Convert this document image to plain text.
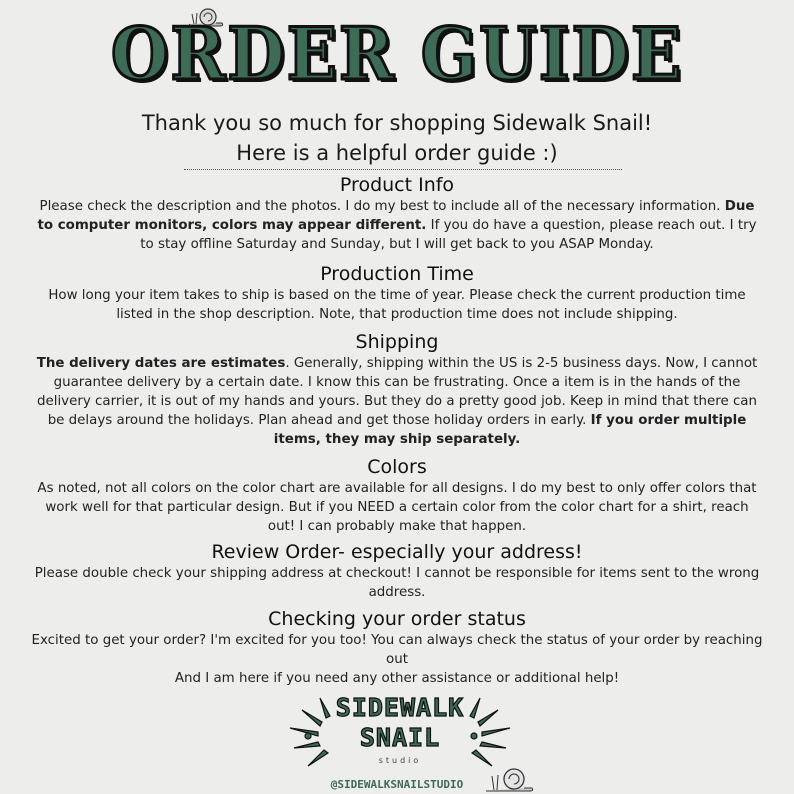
ORDER GUIDE
Thank you so much for shopping Sidewalk Snail!
Here is a helpful order guide :)
Product Info

Please check the description and the photos. I do my best to include all of the necessary information. Due to computer monitors, colors may appear different. If you do have a question, please reach out. I try to stay offline Saturday and Sunday, but I will get back to you ASAP Monday.

Production Time

How long your item takes to ship is based on the time of year. Please check the current production time listed in the shop description. Note, that production time does not include shipping.

Shipping

The delivery dates are estimates. Generally, shipping within the US is 2-5 business days. Now, I cannot guarantee delivery by a certain date. I know this can be frustrating. Once a item is in the hands of the delivery carrier, it is out of my hands and yours. But they do a pretty good job. Keep in mind that there can be delays around the holidays. Plan ahead and get those holiday orders in early. If you order multiple items, they may ship separately.

Colors

As noted, not all colors on the color chart are available for all designs. I do my best to only offer colors that work well for that particular design. But if you NEED a certain color from the color chart for a shirt, reach out! I can probably make that happen.

Review Order- especially your address!

Please double check your shipping address at checkout! I cannot be responsible for items sent to the wrong address.

Checking your order status

Excited to get your order? I'm excited for you too! You can always check the status of your order by reaching out

And I am here if you need any other assistance or additional help!

SIDEWALK
SNAIL
studio
@SIDEWALKSNAILSTUDIO
